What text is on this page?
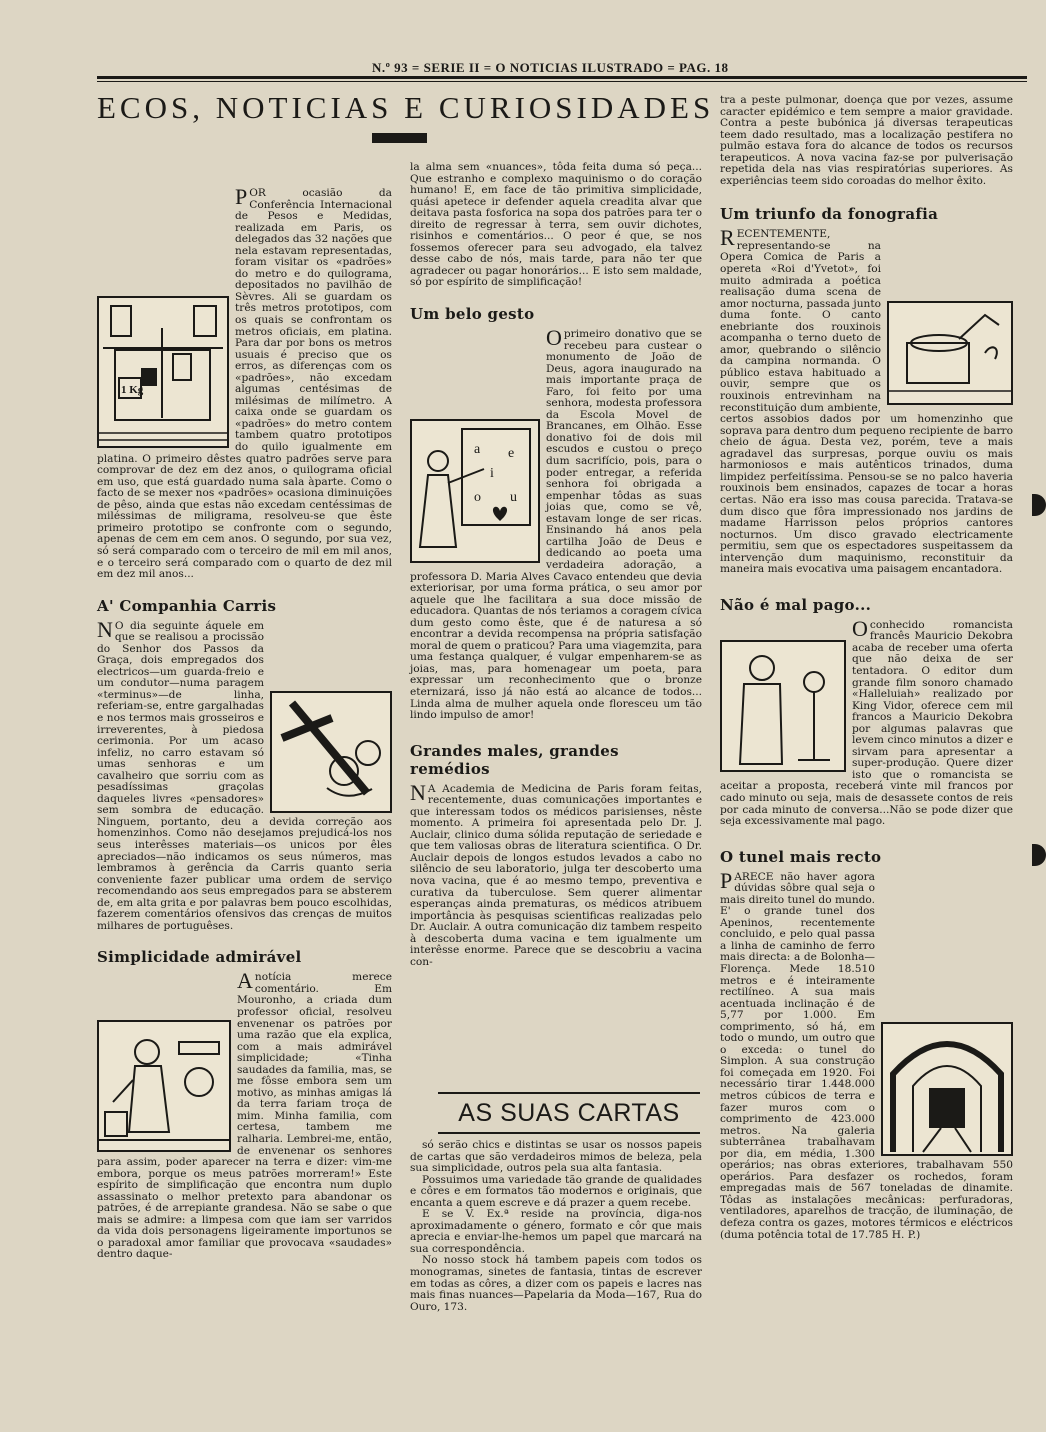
N.º 93 = SERIE II = O NOTICIAS ILUSTRADO = PAG. 18
ECOS, NOTICIAS E CURIOSIDADES
1 Kg

POR ocasião da Conferência Internacional de Pesos e Medidas, realizada em Paris, os delegados das 32 nações que nela estavam representadas, foram visitar os «padrões» do metro e do quilograma, depositados no pavilhão de Sèvres. Ali se guardam os três metros prototipos, com os quais se confrontam os metros oficiais, em platina. Para dar por bons os metros usuais é preciso que os erros, as diferenças com os «padrões», não excedam algumas centésimas de milésimas de milímetro. A caixa onde se guardam os «padrões» do metro contem tambem quatro prototipos do quilo igualmente em platina. O primeiro dêstes quatro padrões serve para comprovar de dez em dez anos, o quilograma oficial em uso, que está guardado numa sala àparte. Como o facto de se mexer nos «padrões» ocasiona diminuições de pêso, ainda que estas não excedam centéssimas de miléssimas de miligrama, resolveu-se que êste primeiro prototipo se confronte com o segundo, apenas de cem em cem anos. O segundo, por sua vez, só será comparado com o terceiro de mil em mil anos, e o terceiro será comparado com o quarto de dez mil em dez mil anos...

A' Companhia Carris

NO dia seguinte áquele em que se realisou a procissão do Senhor dos Passos da Graça, dois empregados dos electricos—um guarda-freio e um condutor—numa paragem «terminus»—de linha, referiam-se, entre gargalhadas e nos termos mais grosseiros e irreverentes, à piedosa cerimonia. Por um acaso infeliz, no carro estavam só umas senhoras e um cavalheiro que sorriu com as pesadíssimas graçolas daqueles livres «pensadores» sem sombra de educação. Ninguem, portanto, deu a devida correção aos homenzinhos. Como não desejamos prejudicá-los nos seus interêsses materiais—os unicos por êles apreciados—não indicamos os seus números, mas lembramos à gerência da Carris quanto seria conveniente fazer publicar uma ordem de serviço recomendando aos seus empregados para se absterem de, em alta grita e por palavras bem pouco escolhidas, fazerem comentários ofensivos das crenças de muitos milhares de portuguêses.

Simplicidade admirável

Anotícia merece comentário. Em Mouronho, a criada dum professor oficial, resolveu envenenar os patrões por uma razão que ela explica, com a mais admirável simplicidade; «Tinha saudades da familia, mas, se me fôsse embora sem um motivo, as minhas amigas lá da terra fariam troça de mim. Minha familia, com certesa, tambem me ralharia. Lembrei-me, então, de envenenar os senhores para assim, poder aparecer na terra e dizer: vim-me embora, porque os meus patrões morreram!» Este espírito de simplificação que encontra num duplo assassinato o melhor pretexto para abandonar os patrões, é de arrepiante grandesa. Não se sabe o que mais se admire: a limpesa com que iam ser varridos da vida dois personagens ligeiramente importunos se o paradoxal amor familiar que provocava «saudades» dentro daque-

la alma sem «nuances», tôda feita duma só peça... Que estranho e complexo maquinismo o do coração humano! E, em face de tão primitiva simplicidade, quási apetece ir defender aquela creadita alvar que deitava pasta fosforica na sopa dos patrões para ter o direito de regressar à terra, sem ouvir dichotes, risinhos e comentários... O peor é que, se nos fossemos oferecer para seu advogado, ela talvez desse cabo de nós, mais tarde, para não ter que agradecer ou pagar honorários... E isto sem maldade, só por espírito de simplificação!

Um belo gesto
a e
i
o u

Oprimeiro donativo que se recebeu para custear o monumento de João de Deus, agora inaugurado na mais importante praça de Faro, foi feito por uma senhora, modesta professora da Escola Movel de Brancanes, em Olhão. Esse donativo foi de dois mil escudos e custou o preço dum sacrifício, pois, para o poder entregar, a referida senhora foi obrigada a empenhar tôdas as suas joias que, como se vê, estavam longe de ser ricas. Ensinando há anos pela cartilha João de Deus e dedicando ao poeta uma verdadeira adoração, a professora D. Maria Alves Cavaco entendeu que devia exteriorisar, por uma forma prática, o seu amor por aquele que lhe facilitara a sua doce missão de educadora. Quantas de nós teriamos a coragem cívica dum gesto como êste, que é de naturesa a só encontrar a devida recompensa na própria satisfação moral de quem o praticou? Para uma viagemzita, para uma festança qualquer, é vulgar empenharem-se as joias, mas, para homenagear um poeta, para expressar um reconhecimento que o bronze eternizará, isso já não está ao alcance de todos... Linda alma de mulher aquela onde floresceu um tão lindo impulso de amor!

Grandes males, grandes remédios

NA Academia de Medicina de Paris foram feitas, recentemente, duas comunicações importantes e que interessam todos os médicos parisienses, nêste momento. A primeira foi apresentada pelo Dr. J. Auclair, clinico duma sólida reputação de seriedade e que tem valiosas obras de literatura scientifica. O Dr. Auclair depois de longos estudos levados a cabo no silêncio de seu laboratorio, julga ter descoberto uma nova vacina, que é ao mesmo tempo, preventiva e curativa da tuberculose. Sem querer alimentar esperanças ainda prematuras, os médicos atribuem importância às pesquisas scientificas realizadas pelo Dr. Auclair. A outra comunicação diz tambem respeito à descoberta duma vacina e tem igualmente um interêsse enorme. Parece que se descobriu a vacina con-

AS SUAS CARTAS

só serão chics e distintas se usar os nossos papeis de cartas que são verdadeiros mimos de beleza, pela sua simplicidade, outros pela sua alta fantasia.

Possuimos uma variedade tão grande de qualidades e côres e em formatos tão modernos e originais, que encanta a quem escreve e dá prazer a quem recebe.

E se V. Ex.ª reside na província, diga-nos aproximadamente o género, formato e côr que mais aprecia e enviar-lhe-hemos um papel que marcará na sua correspondência.

No nosso stock há tambem papeis com todos os monogramas, sinetes de fantasia, tintas de escrever em todas as côres, a dizer com os papeis e lacres nas mais finas nuances—Papelaria da Moda—167, Rua do Ouro, 173.

tra a peste pulmonar, doença que por vezes, assume caracter epidémico e tem sempre a maior gravidade. Contra a peste bubónica já diversas terapeuticas teem dado resultado, mas a localização pestifera no pulmão estava fora do alcance de todos os recursos terapeuticos. A nova vacina faz-se por pulverisação repetida dela nas vias respiratórias superiores. As experiências teem sido coroadas do melhor êxito.

Um triunfo da fonografia

RECENTEMENTE, representando-se na Opera Comica de Paris a opereta «Roi d'Yvetot», foi muito admirada a poética realisação duma scena de amor nocturna, passada junto duma fonte. O canto enebriante dos rouxinois acompanha o terno dueto de amor, quebrando o silêncio da campina normanda. O público estava habituado a ouvir, sempre que os rouxinois entrevinham na reconstituição dum ambiente, certos assobios dados por um homenzinho que soprava para dentro dum pequeno recipiente de barro cheio de água. Desta vez, porém, teve a mais agradavel das surpresas, porque ouviu os mais harmoniosos e mais autênticos trinados, duma limpidez perfeitíssima. Pensou-se se no palco haveria rouxinois bem ensinados, capazes de tocar a horas certas. Não era isso mas cousa parecida. Tratava-se dum disco que fôra impressionado nos jardins de madame Harrisson pelos próprios cantores nocturnos. Um disco gravado electricamente permitiu, sem que os espectadores suspeitassem da intervenção dum maquinismo, reconstituir da maneira mais evocativa uma paisagem encantadora.

Não é mal pago...

Oconhecido romancista francês Mauricio Dekobra acaba de receber uma oferta que não deixa de ser tentadora. O editor dum grande film sonoro chamado «Halleluiah» realizado por King Vidor, oferece cem mil francos a Mauricio Dekobra por algumas palavras que levem cinco minutos a dizer e sirvam para apresentar a super-produção. Quere dizer isto que o romancista se aceitar a proposta, receberá vinte mil francos por cado minuto ou seja, mais de desassete contos de reis por cada minuto de conversa...Não se pode dizer que seja excessivamente mal pago.

O tunel mais recto

PARECE não haver agora dúvidas sôbre qual seja o mais direito tunel do mundo. E' o grande tunel dos Apeninos, recentemente concluido, e pelo qual passa a linha de caminho de ferro mais directa: a de Bolonha—Florença. Mede 18.510 metros e é inteiramente rectilíneo. A sua mais acentuada inclinação é de 5,77 por 1.000. Em comprimento, só há, em todo o mundo, um outro que o exceda: o tunel do Simplon. A sua construção foi começada em 1920. Foi necessário tirar 1.448.000 metros cúbicos de terra e fazer muros com o comprimento de 423.000 metros. Na galeria subterrânea trabalhavam por dia, em média, 1.300 operários; nas obras exteriores, trabalhavam 550 operários. Para desfazer os rochedos, foram empregadas mais de 567 toneladas de dinamite. Tôdas as instalações mecânicas: perfuradoras, ventiladores, aparelhos de tracção, de iluminação, de defeza contra os gazes, motores térmicos e eléctricos (duma potência total de 17.785 H. P.)
